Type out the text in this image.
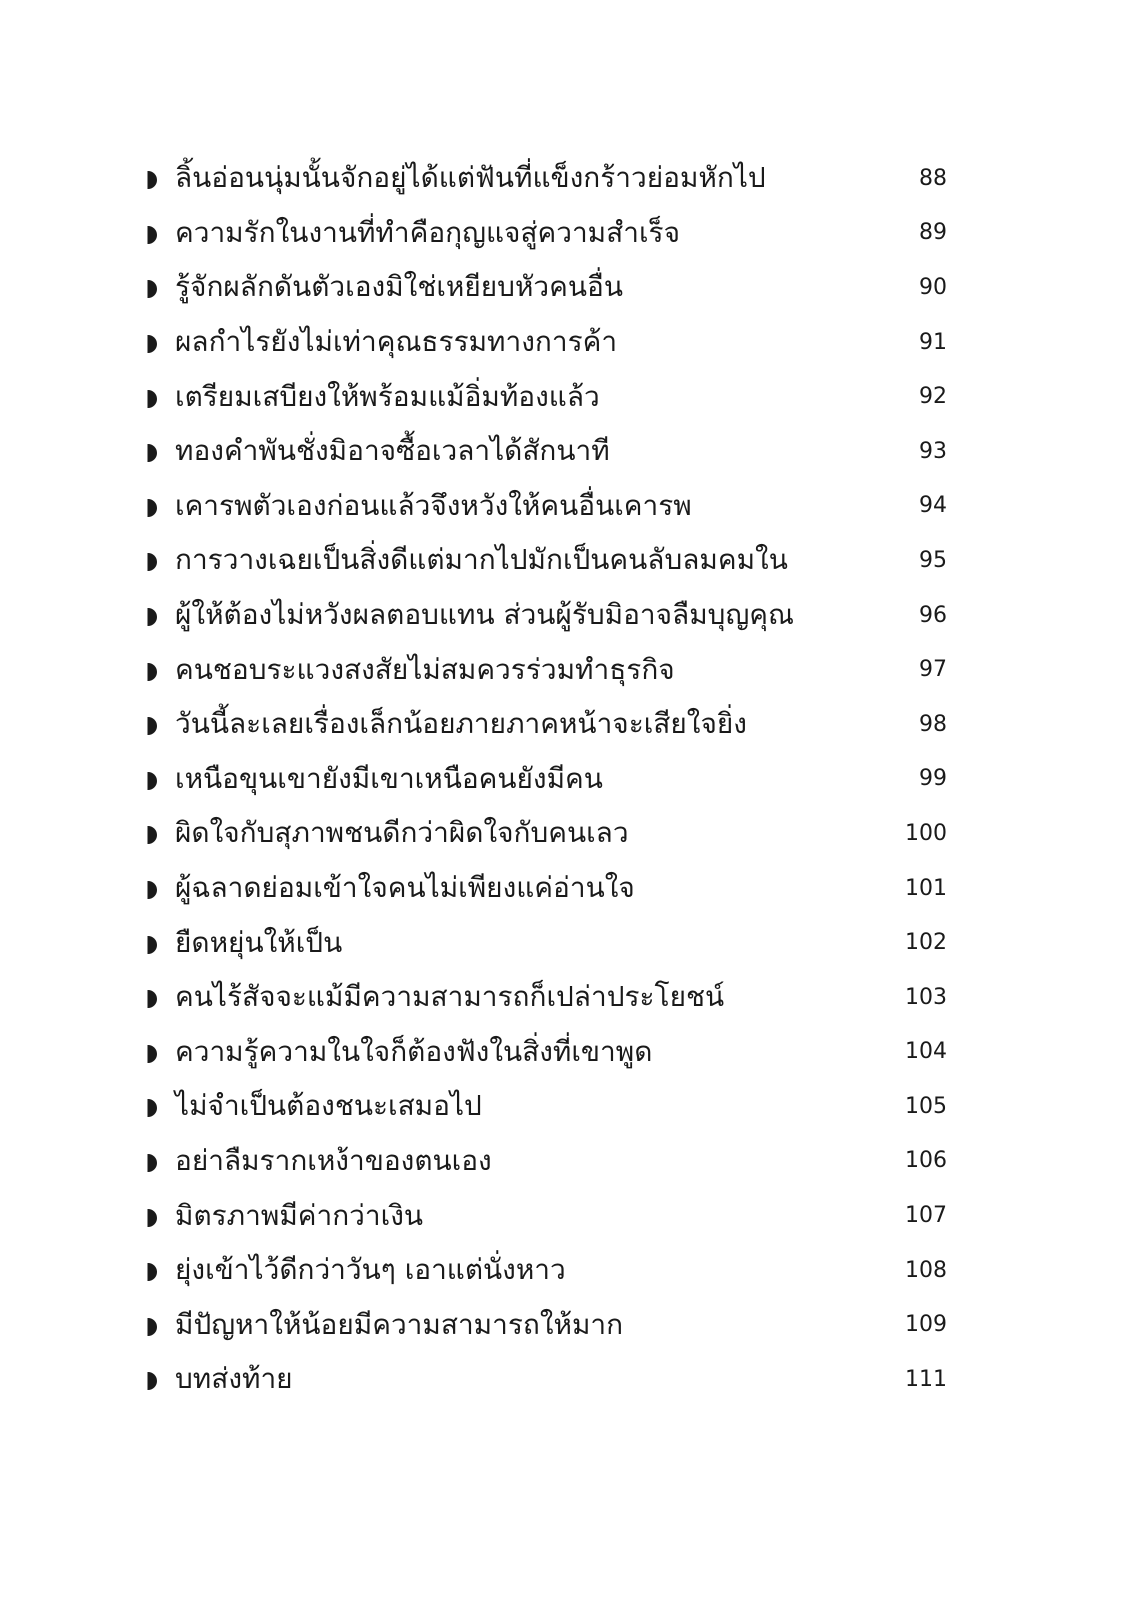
ลิ้นอ่อนนุ่มนั้นจักอยู่ได้แต่ฟันที่แข็งกร้าวย่อมหักไป	88
ความรักในงานที่ทำคือกุญแจสู่ความสำเร็จ	89
รู้จักผลักดันตัวเองมิใช่เหยียบหัวคนอื่น	90
ผลกำไรยังไม่เท่าคุณธรรมทางการค้า	91
เตรียมเสบียงให้พร้อมแม้อิ่มท้องแล้ว	92
ทองคำพันชั่งมิอาจซื้อเวลาได้สักนาที	93
เคารพตัวเองก่อนแล้วจึงหวังให้คนอื่นเคารพ	94
การวางเฉยเป็นสิ่งดีแต่มากไปมักเป็นคนลับลมคมใน	95
ผู้ให้ต้องไม่หวังผลตอบแทน ส่วนผู้รับมิอาจลืมบุญคุณ	96
คนชอบระแวงสงสัยไม่สมควรร่วมทำธุรกิจ	97
วันนี้ละเลยเรื่องเล็กน้อยภายภาคหน้าจะเสียใจยิ่ง	98
เหนือขุนเขายังมีเขาเหนือคนยังมีคน	99
ผิดใจกับสุภาพชนดีกว่าผิดใจกับคนเลว	100
ผู้ฉลาดย่อมเข้าใจคนไม่เพียงแค่อ่านใจ	101
ยืดหยุ่นให้เป็น	102
คนไร้สัจจะแม้มีความสามารถก็เปล่าประโยชน์	103
ความรู้ความในใจก็ต้องฟังในสิ่งที่เขาพูด	104
ไม่จำเป็นต้องชนะเสมอไป	105
อย่าลืมรากเหง้าของตนเอง	106
มิตรภาพมีค่ากว่าเงิน	107
ยุ่งเข้าไว้ดีกว่าวันๆ เอาแต่นั่งหาว	108
มีปัญหาให้น้อยมีความสามารถให้มาก	109
บทส่งท้าย	111
